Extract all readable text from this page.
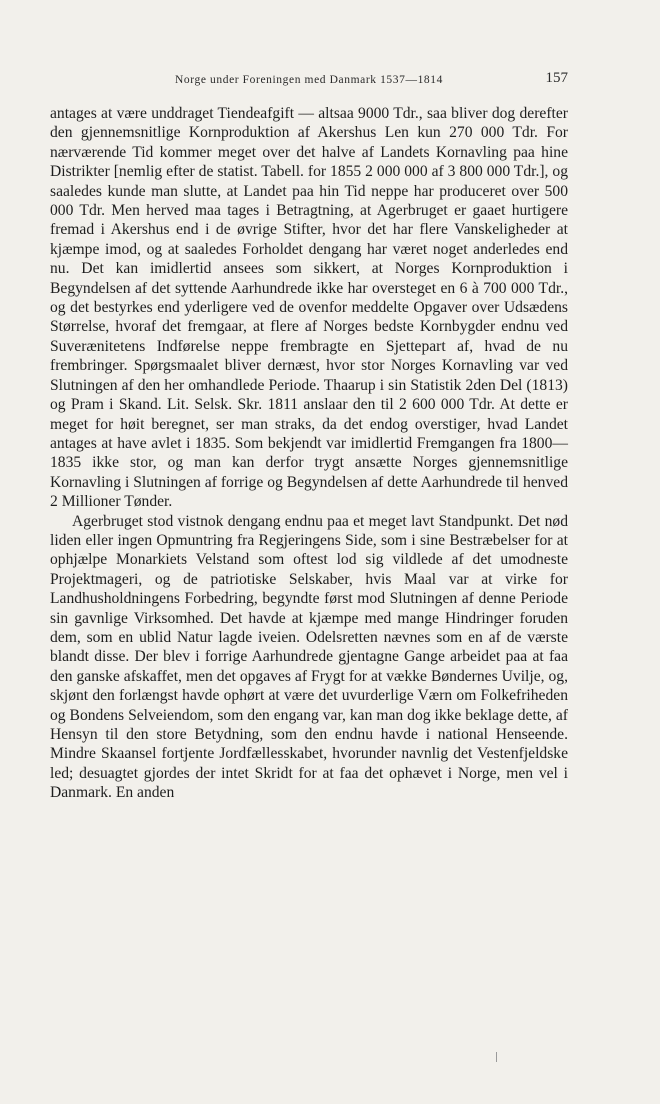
Norge under Foreningen med Danmark 1537—1814	157

antages at være unddraget Tiendeafgift — altsaa 9000 Tdr., saa bliver dog derefter den gjennemsnitlige Kornproduktion af Akershus Len kun 270 000 Tdr. For nærværende Tid kommer meget over det halve af Landets Kornavling paa hine Distrikter [nemlig efter de statist. Tabell. for 1855 2 000 000 af 3 800 000 Tdr.], og saaledes kunde man slutte, at Landet paa hin Tid neppe har produceret over 500 000 Tdr. Men herved maa tages i Betragtning, at Agerbruget er gaaet hurtigere fremad i Akershus end i de øvrige Stifter, hvor det har flere Vanskeligheder at kjæmpe imod, og at saaledes Forholdet dengang har været noget anderledes end nu. Det kan imidlertid ansees som sikkert, at Norges Kornproduktion i Begyndelsen af det syttende Aarhundrede ikke har oversteget en 6 à 700 000 Tdr., og det bestyrkes end yderligere ved de ovenfor meddelte Opgaver over Udsædens Størrelse, hvoraf det fremgaar, at flere af Norges bedste Kornbygder endnu ved Suverænitetens Indførelse neppe frembragte en Sjettepart af, hvad de nu frembringer. Spørgsmaalet bliver dernæst, hvor stor Norges Kornavling var ved Slutningen af den her omhandlede Periode. Thaarup i sin Statistik 2den Del (1813) og Pram i Skand. Lit. Selsk. Skr. 1811 anslaar den til 2 600 000 Tdr. At dette er meget for høit beregnet, ser man straks, da det endog overstiger, hvad Landet antages at have avlet i 1835. Som bekjendt var imidlertid Fremgangen fra 1800—1835 ikke stor, og man kan derfor trygt ansætte Norges gjennemsnitlige Kornavling i Slutningen af forrige og Begyndelsen af dette Aarhundrede til henved 2 Millioner Tønder.

Agerbruget stod vistnok dengang endnu paa et meget lavt Standpunkt. Det nød liden eller ingen Opmuntring fra Regjeringens Side, som i sine Bestræbelser for at ophjælpe Monarkiets Velstand som oftest lod sig vildlede af det umodneste Projektmageri, og de patriotiske Selskaber, hvis Maal var at virke for Landhusholdningens Forbedring, begyndte først mod Slutningen af denne Periode sin gavnlige Virksomhed. Det havde at kjæmpe med mange Hindringer foruden dem, som en ublid Natur lagde iveien. Odelsretten nævnes som en af de værste blandt disse. Der blev i forrige Aarhundrede gjentagne Gange arbeidet paa at faa den ganske afskaffet, men det opgaves af Frygt for at vække Bøndernes Uvilje, og, skjønt den forlængst havde ophørt at være det uvurderlige Værn om Folkefriheden og Bondens Selveiendom, som den engang var, kan man dog ikke beklage dette, af Hensyn til den store Betydning, som den endnu havde i national Henseende. Mindre Skaansel fortjente Jordfællesskabet, hvorunder navnlig det Vestenfjeldske led; desuagtet gjordes der intet Skridt for at faa det ophævet i Norge, men vel i Danmark. En anden
